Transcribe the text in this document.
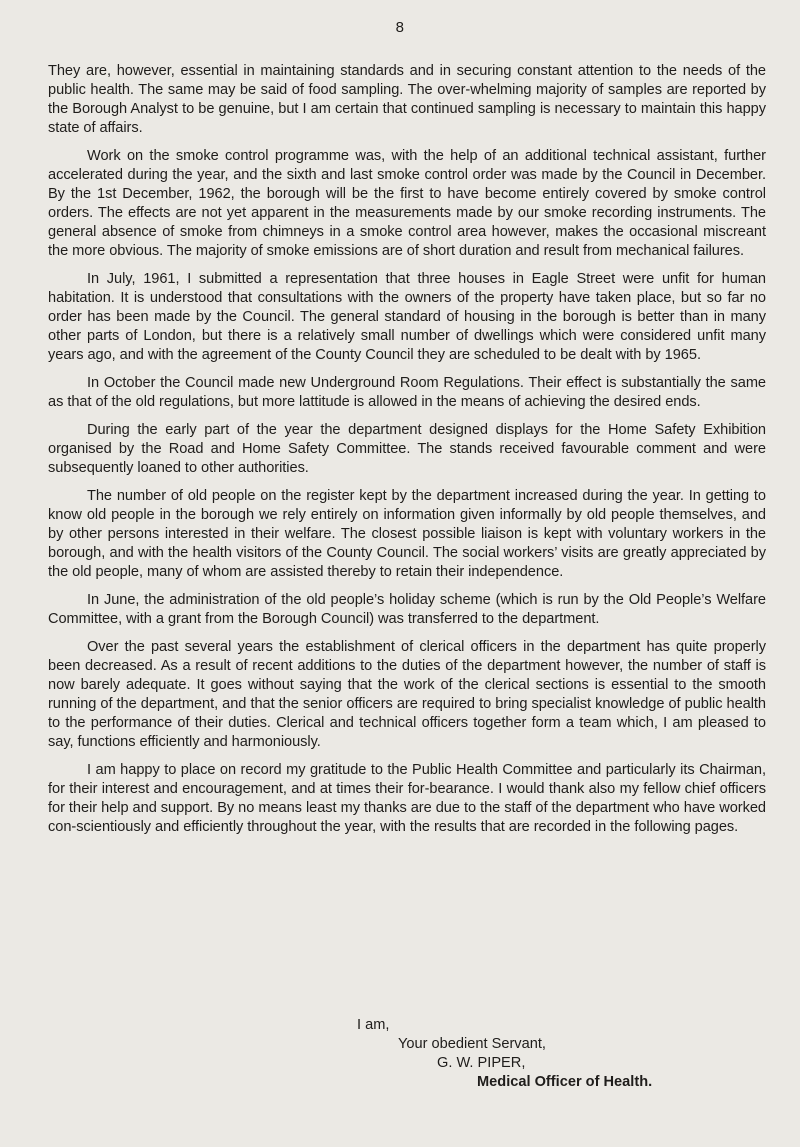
8

They are, however, essential in maintaining standards and in securing constant attention to the needs of the public health. The same may be said of food sampling. The over-whelming majority of samples are reported by the Borough Analyst to be genuine, but I am certain that continued sampling is necessary to maintain this happy state of affairs.

Work on the smoke control programme was, with the help of an additional technical assistant, further accelerated during the year, and the sixth and last smoke control order was made by the Council in December. By the 1st December, 1962, the borough will be the first to have become entirely covered by smoke control orders. The effects are not yet apparent in the measurements made by our smoke recording instruments. The general absence of smoke from chimneys in a smoke control area however, makes the occasional miscreant the more obvious. The majority of smoke emissions are of short duration and result from mechanical failures.

In July, 1961, I submitted a representation that three houses in Eagle Street were unfit for human habitation. It is understood that consultations with the owners of the property have taken place, but so far no order has been made by the Council. The general standard of housing in the borough is better than in many other parts of London, but there is a relatively small number of dwellings which were considered unfit many years ago, and with the agreement of the County Council they are scheduled to be dealt with by 1965.

In October the Council made new Underground Room Regulations. Their effect is substantially the same as that of the old regulations, but more lattitude is allowed in the means of achieving the desired ends.

During the early part of the year the department designed displays for the Home Safety Exhibition organised by the Road and Home Safety Committee. The stands received favourable comment and were subsequently loaned to other authorities.

The number of old people on the register kept by the department increased during the year. In getting to know old people in the borough we rely entirely on information given informally by old people themselves, and by other persons interested in their welfare. The closest possible liaison is kept with voluntary workers in the borough, and with the health visitors of the County Council. The social workers’ visits are greatly appreciated by the old people, many of whom are assisted thereby to retain their independence.

In June, the administration of the old people’s holiday scheme (which is run by the Old People’s Welfare Committee, with a grant from the Borough Council) was transferred to the department.

Over the past several years the establishment of clerical officers in the department has quite properly been decreased. As a result of recent additions to the duties of the department however, the number of staff is now barely adequate. It goes without saying that the work of the clerical sections is essential to the smooth running of the department, and that the senior officers are required to bring specialist knowledge of public health to the performance of their duties. Clerical and technical officers together form a team which, I am pleased to say, functions efficiently and harmoniously.

I am happy to place on record my gratitude to the Public Health Committee and particularly its Chairman, for their interest and encouragement, and at times their for-bearance. I would thank also my fellow chief officers for their help and support. By no means least my thanks are due to the staff of the department who have worked con-scientiously and efficiently throughout the year, with the results that are recorded in the following pages.

I am,
Your obedient Servant,
G. W. PIPER,
Medical Officer of Health.
